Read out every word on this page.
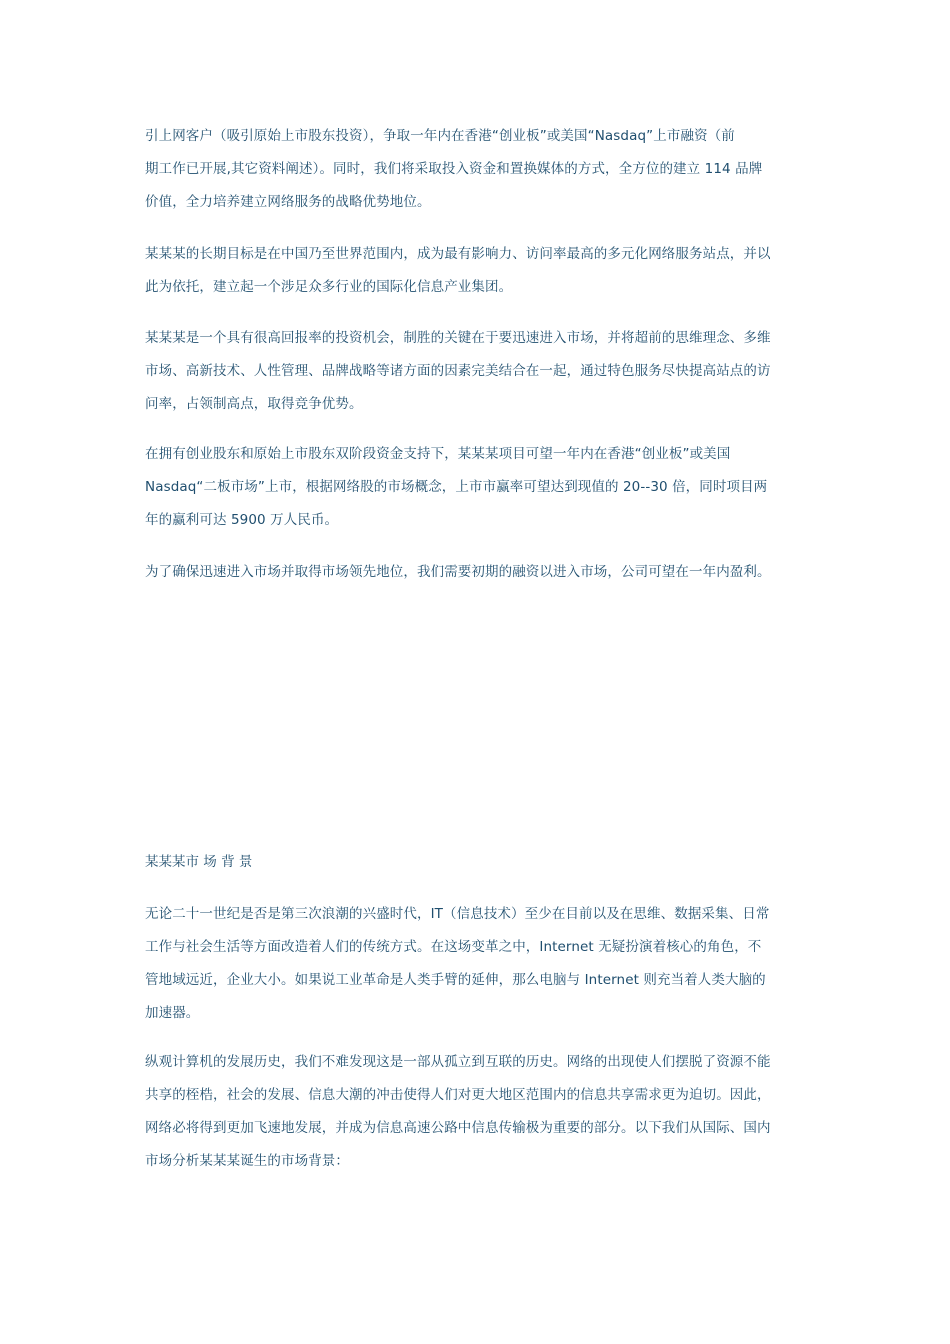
引上网客户（吸引原始上市股东投资），争取一年内在香港“创业板”或美国“Nasdaq”上市融资（前
期工作已开展,其它资料阐述）。同时，我们将采取投入资金和置换媒体的方式，全方位的建立 114 品牌
价值，全力培养建立网络服务的战略优势地位。

某某某的长期目标是在中国乃至世界范围内，成为最有影响力、访问率最高的多元化网络服务站点，并以
此为依托，建立起一个涉足众多行业的国际化信息产业集团。

某某某是一个具有很高回报率的投资机会，制胜的关键在于要迅速进入市场，并将超前的思维理念、多维
市场、高新技术、人性管理、品牌战略等诸方面的因素完美结合在一起，通过特色服务尽快提高站点的访
问率，占领制高点，取得竞争优势。

在拥有创业股东和原始上市股东双阶段资金支持下，某某某项目可望一年内在香港“创业板”或美国
Nasdaq“二板市场”上市，根据网络股的市场概念，上市市赢率可望达到现值的 20--30 倍，同时项目两
年的赢利可达 5900 万人民币。

为了确保迅速进入市场并取得市场领先地位，我们需要初期的融资以进入市场，公司可望在一年内盈利。

某某某市 场 背 景

无论二十一世纪是否是第三次浪潮的兴盛时代，IT（信息技术）至少在目前以及在思维、数据采集、日常
工作与社会生活等方面改造着人们的传统方式。在这场变革之中，Internet 无疑扮演着核心的角色，不
管地域远近，企业大小。如果说工业革命是人类手臂的延伸，那么电脑与 Internet 则充当着人类大脑的
加速器。

纵观计算机的发展历史，我们不难发现这是一部从孤立到互联的历史。网络的出现使人们摆脱了资源不能
共享的桎梏，社会的发展、信息大潮的冲击使得人们对更大地区范围内的信息共享需求更为迫切。因此，
网络必将得到更加飞速地发展，并成为信息高速公路中信息传输极为重要的部分。以下我们从国际、国内
市场分析某某某诞生的市场背景：
